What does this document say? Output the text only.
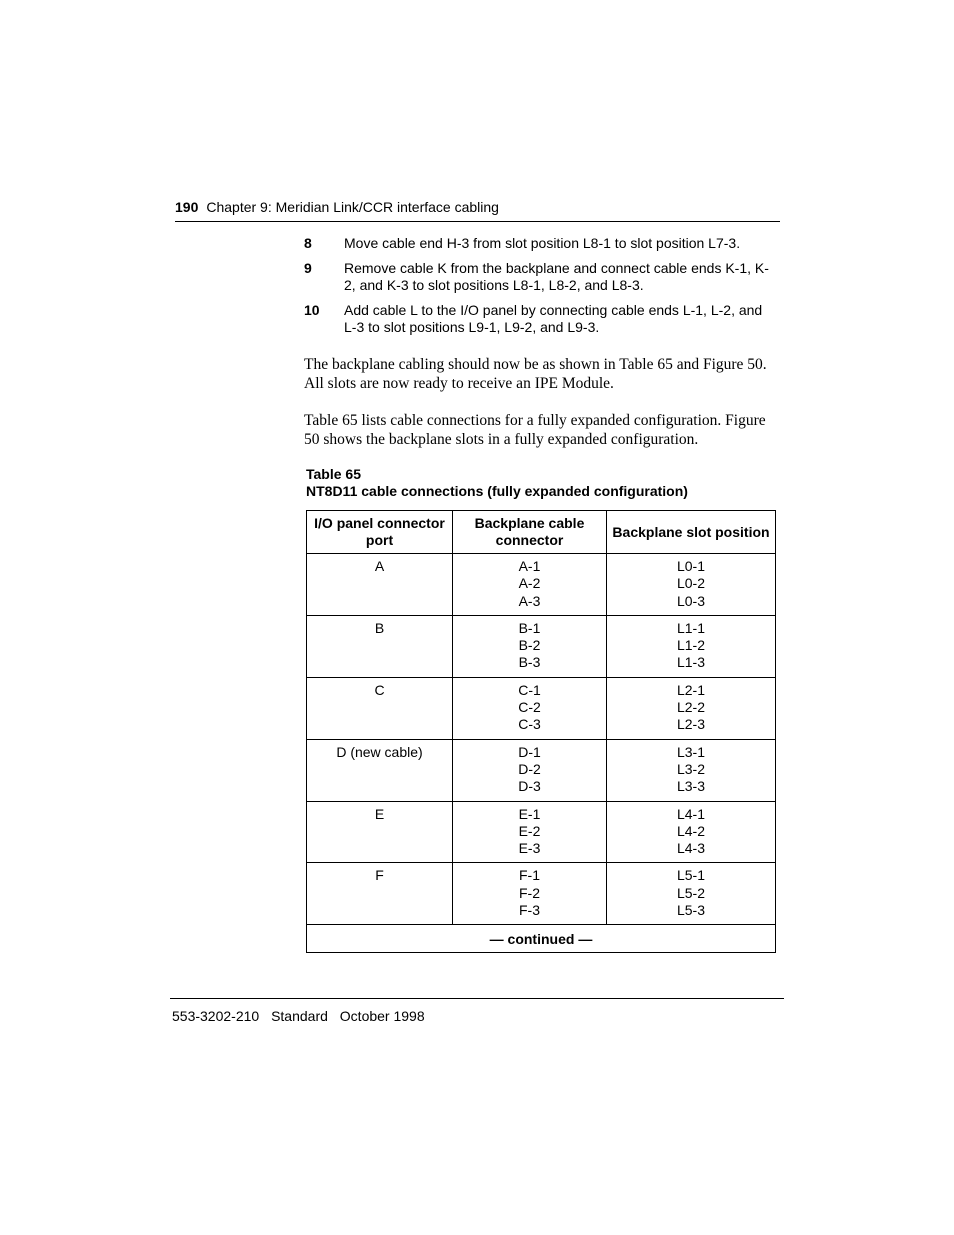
190 Chapter 9: Meridian Link/CCR interface cabling
8	Move cable end H-3 from slot position L8-1 to slot position L7-3.
9	Remove cable K from the backplane and connect cable ends K-1, K-2, and K-3 to slot positions L8-1, L8-2, and L8-3.
10	Add cable L to the I/O panel by connecting cable ends L-1, L-2, and L-3 to slot positions L9-1, L9-2, and L9-3.
The backplane cabling should now be as shown in Table 65 and Figure 50. All slots are now ready to receive an IPE Module.
Table 65 lists cable connections for a fully expanded configuration. Figure 50 shows the backplane slots in a fully expanded configuration.
Table 65
NT8D11 cable connections (fully expanded configuration)
I/O panel connector port	Backplane cable connector	Backplane slot position

A	A-1
A-2
A-3	L0-1
L0-2
L0-3

B	B-1
B-2
B-3	L1-1
L1-2
L1-3

C	C-1
C-2
C-3	L2-1
L2-2
L2-3

D (new cable)	D-1
D-2
D-3	L3-1
L3-2
L3-3

E	E-1
E-2
E-3	L4-1
L4-2
L4-3

F	F-1
F-2
F-3	L5-1
L5-2
L5-3

— continued —		
553-3202-210 Standard October 1998
